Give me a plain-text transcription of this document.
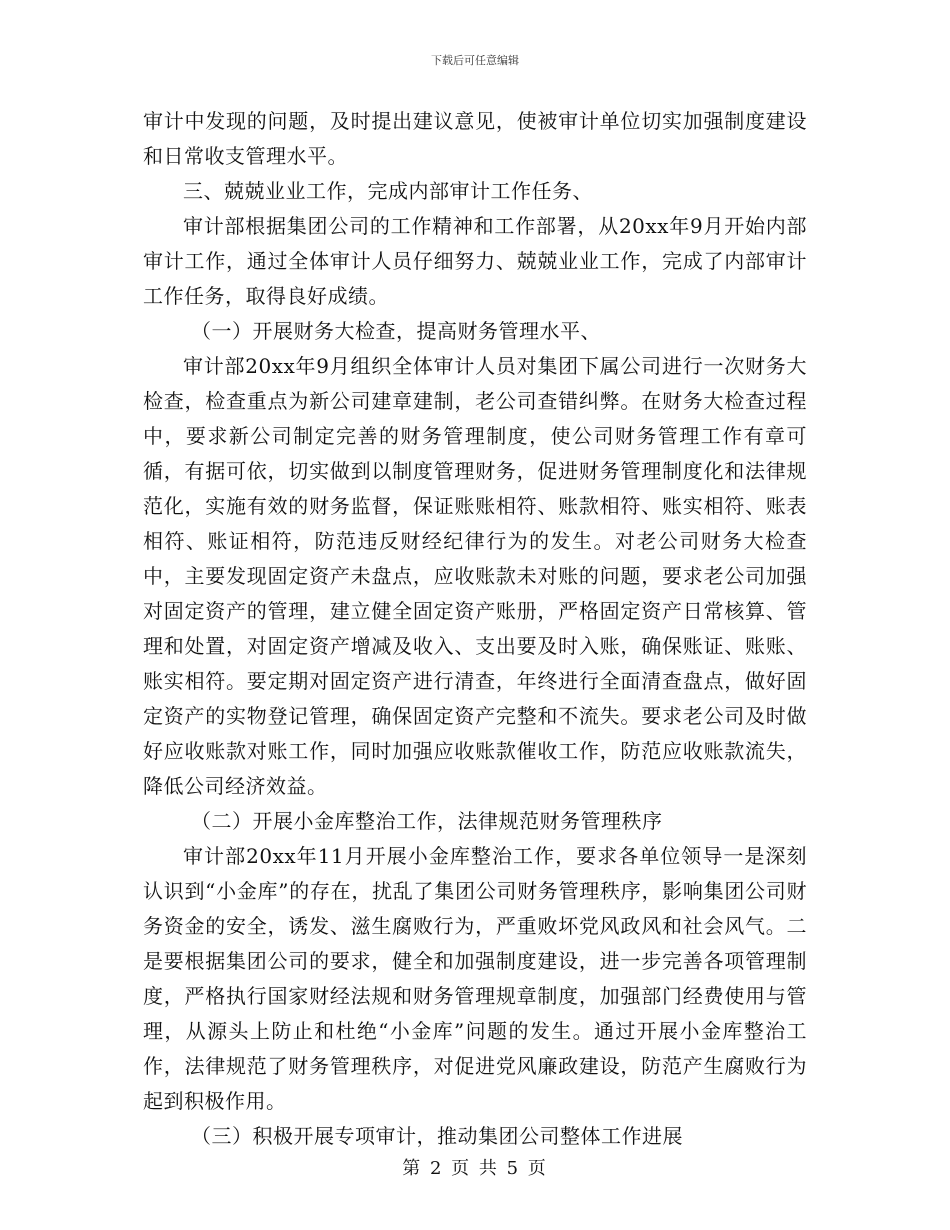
下载后可任意编辑

审计中发现的问题，及时提出建议意见，使被审计单位切实加强制度建设和日常收支管理水平。

三、兢兢业业工作，完成内部审计工作任务、

审计部根据集团公司的工作精神和工作部署，从20xx年9月开始内部审计工作，通过全体审计人员仔细努力、兢兢业业工作，完成了内部审计工作任务，取得良好成绩。

（一）开展财务大检查，提高财务管理水平、

审计部20xx年9月组织全体审计人员对集团下属公司进行一次财务大检查，检查重点为新公司建章建制，老公司查错纠弊。在财务大检查过程中，要求新公司制定完善的财务管理制度，使公司财务管理工作有章可循，有据可依，切实做到以制度管理财务，促进财务管理制度化和法律规范化，实施有效的财务监督，保证账账相符、账款相符、账实相符、账表相符、账证相符，防范违反财经纪律行为的发生。对老公司财务大检查中，主要发现固定资产未盘点，应收账款未对账的问题，要求老公司加强对固定资产的管理，建立健全固定资产账册，严格固定资产日常核算、管理和处置，对固定资产增减及收入、支出要及时入账，确保账证、账账、账实相符。要定期对固定资产进行清查，年终进行全面清查盘点，做好固定资产的实物登记管理，确保固定资产完整和不流失。要求老公司及时做好应收账款对账工作，同时加强应收账款催收工作，防范应收账款流失，降低公司经济效益。

（二）开展小金库整治工作，法律规范财务管理秩序

审计部20xx年11月开展小金库整治工作，要求各单位领导一是深刻认识到“小金库”的存在，扰乱了集团公司财务管理秩序，影响集团公司财务资金的安全，诱发、滋生腐败行为，严重败坏党风政风和社会风气。二是要根据集团公司的要求，健全和加强制度建设，进一步完善各项管理制度，严格执行国家财经法规和财务管理规章制度，加强部门经费使用与管理，从源头上防止和杜绝“小金库”问题的发生。通过开展小金库整治工作，法律规范了财务管理秩序，对促进党风廉政建设，防范产生腐败行为起到积极作用。

（三）积极开展专项审计，推动集团公司整体工作进展

第 2 页 共 5 页
